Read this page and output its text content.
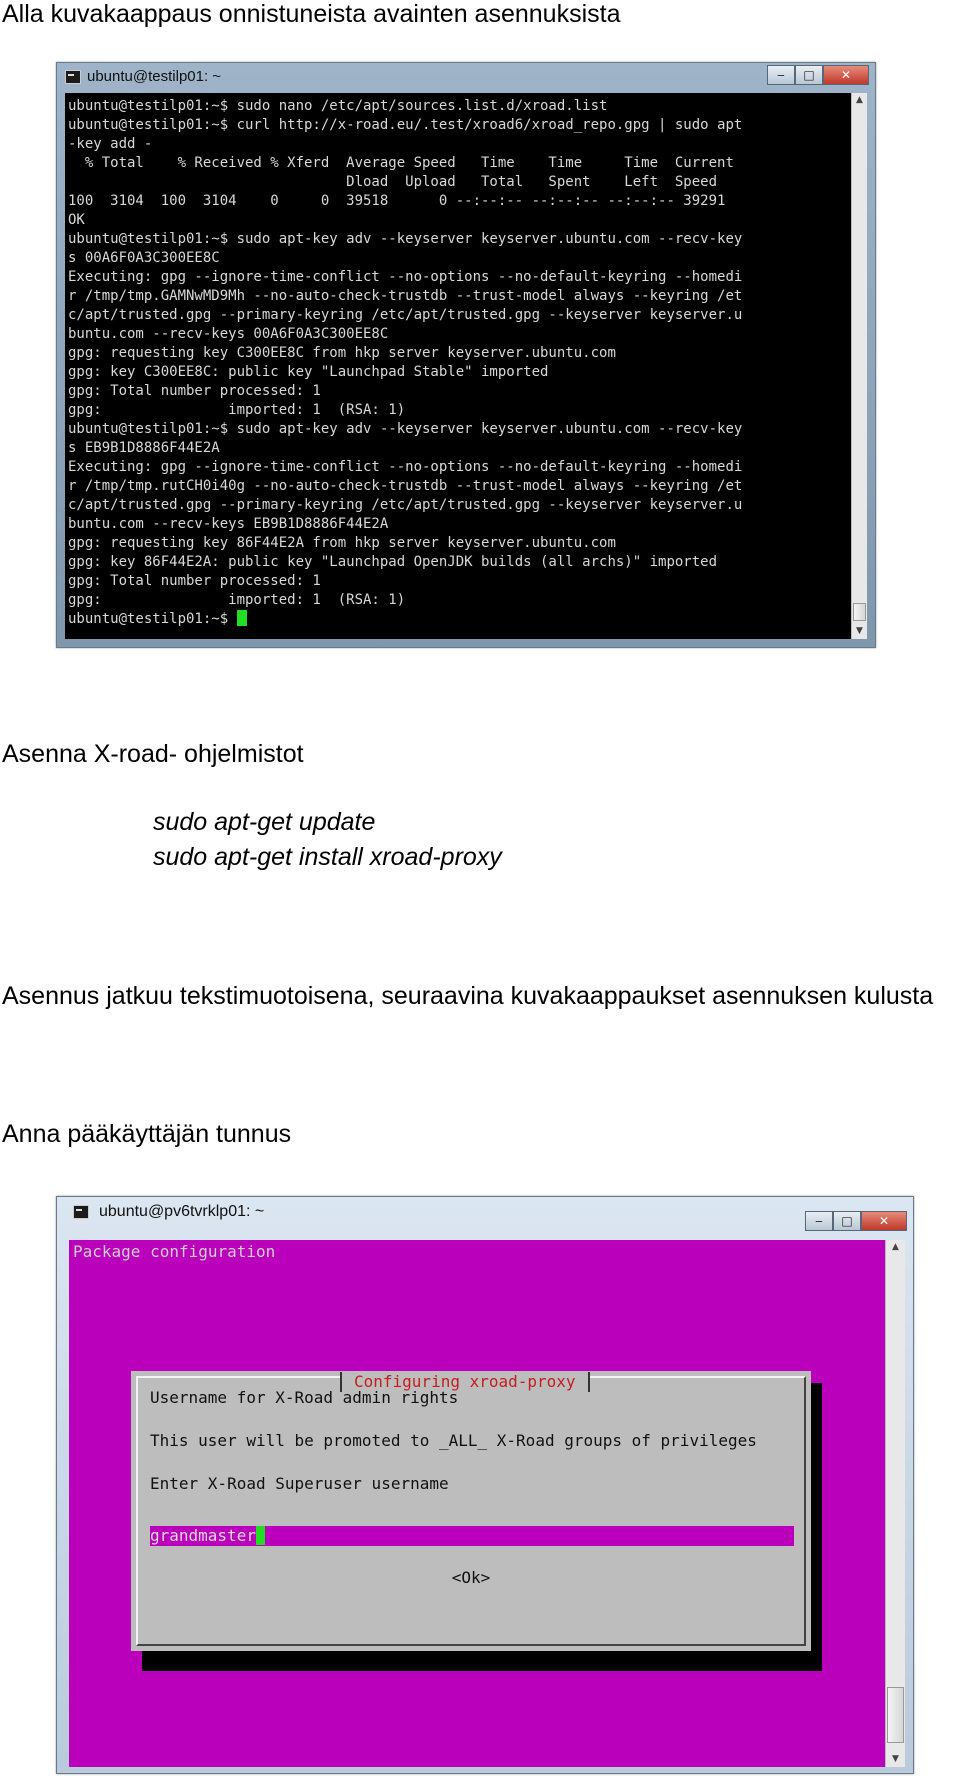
Alla kuvakaappaus onnistuneista avainten asennuksista
ubuntu@testilp01: ~	‒ □ ✕
ubuntu@testilp01:~$ sudo nano /etc/apt/sources.list.d/xroad.list
ubuntu@testilp01:~$ curl http://x-road.eu/.test/xroad6/xroad_repo.gpg | sudo apt
-key add -
% Total    % Received % Xferd  Average Speed   Time    Time     Time  Current
Dload  Upload   Total   Spent    Left  Speed
100  3104  100  3104    0     0  39518      0 --:--:-- --:--:-- --:--:-- 39291
OK
ubuntu@testilp01:~$ sudo apt-key adv --keyserver keyserver.ubuntu.com --recv-key
s 00A6F0A3C300EE8C
Executing: gpg --ignore-time-conflict --no-options --no-default-keyring --homedi
r /tmp/tmp.GAMNwMD9Mh --no-auto-check-trustdb --trust-model always --keyring /et
c/apt/trusted.gpg --primary-keyring /etc/apt/trusted.gpg --keyserver keyserver.u
buntu.com --recv-keys 00A6F0A3C300EE8C
gpg: requesting key C300EE8C from hkp server keyserver.ubuntu.com
gpg: key C300EE8C: public key "Launchpad Stable" imported
gpg: Total number processed: 1
gpg:               imported: 1  (RSA: 1)
ubuntu@testilp01:~$ sudo apt-key adv --keyserver keyserver.ubuntu.com --recv-key
s EB9B1D8886F44E2A
Executing: gpg --ignore-time-conflict --no-options --no-default-keyring --homedi
r /tmp/tmp.rutCH0i40g --no-auto-check-trustdb --trust-model always --keyring /et
c/apt/trusted.gpg --primary-keyring /etc/apt/trusted.gpg --keyserver keyserver.u
buntu.com --recv-keys EB9B1D8886F44E2A
gpg: requesting key 86F44E2A from hkp server keyserver.ubuntu.com
gpg: key 86F44E2A: public key "Launchpad OpenJDK builds (all archs)" imported
gpg: Total number processed: 1
gpg:               imported: 1  (RSA: 1)
ubuntu@testilp01:~$
▲
▼
Asenna X-road- ohjelmistot
sudo apt-get update
sudo apt-get install xroad-proxy
Asennus jatkuu tekstimuotoisena, seuraavina kuvakaappaukset asennuksen kulusta
Anna pääkäyttäjän tunnus
ubuntu@pv6tvrklp01: ~
‒ □ ✕
Package configuration
Configuring xroad-proxy
Username for X-Road admin rights
This user will be promoted to _ALL_ X-Road groups of privileges
Enter X-Road Superuser username
grandmaster
<Ok>
▲
▼
